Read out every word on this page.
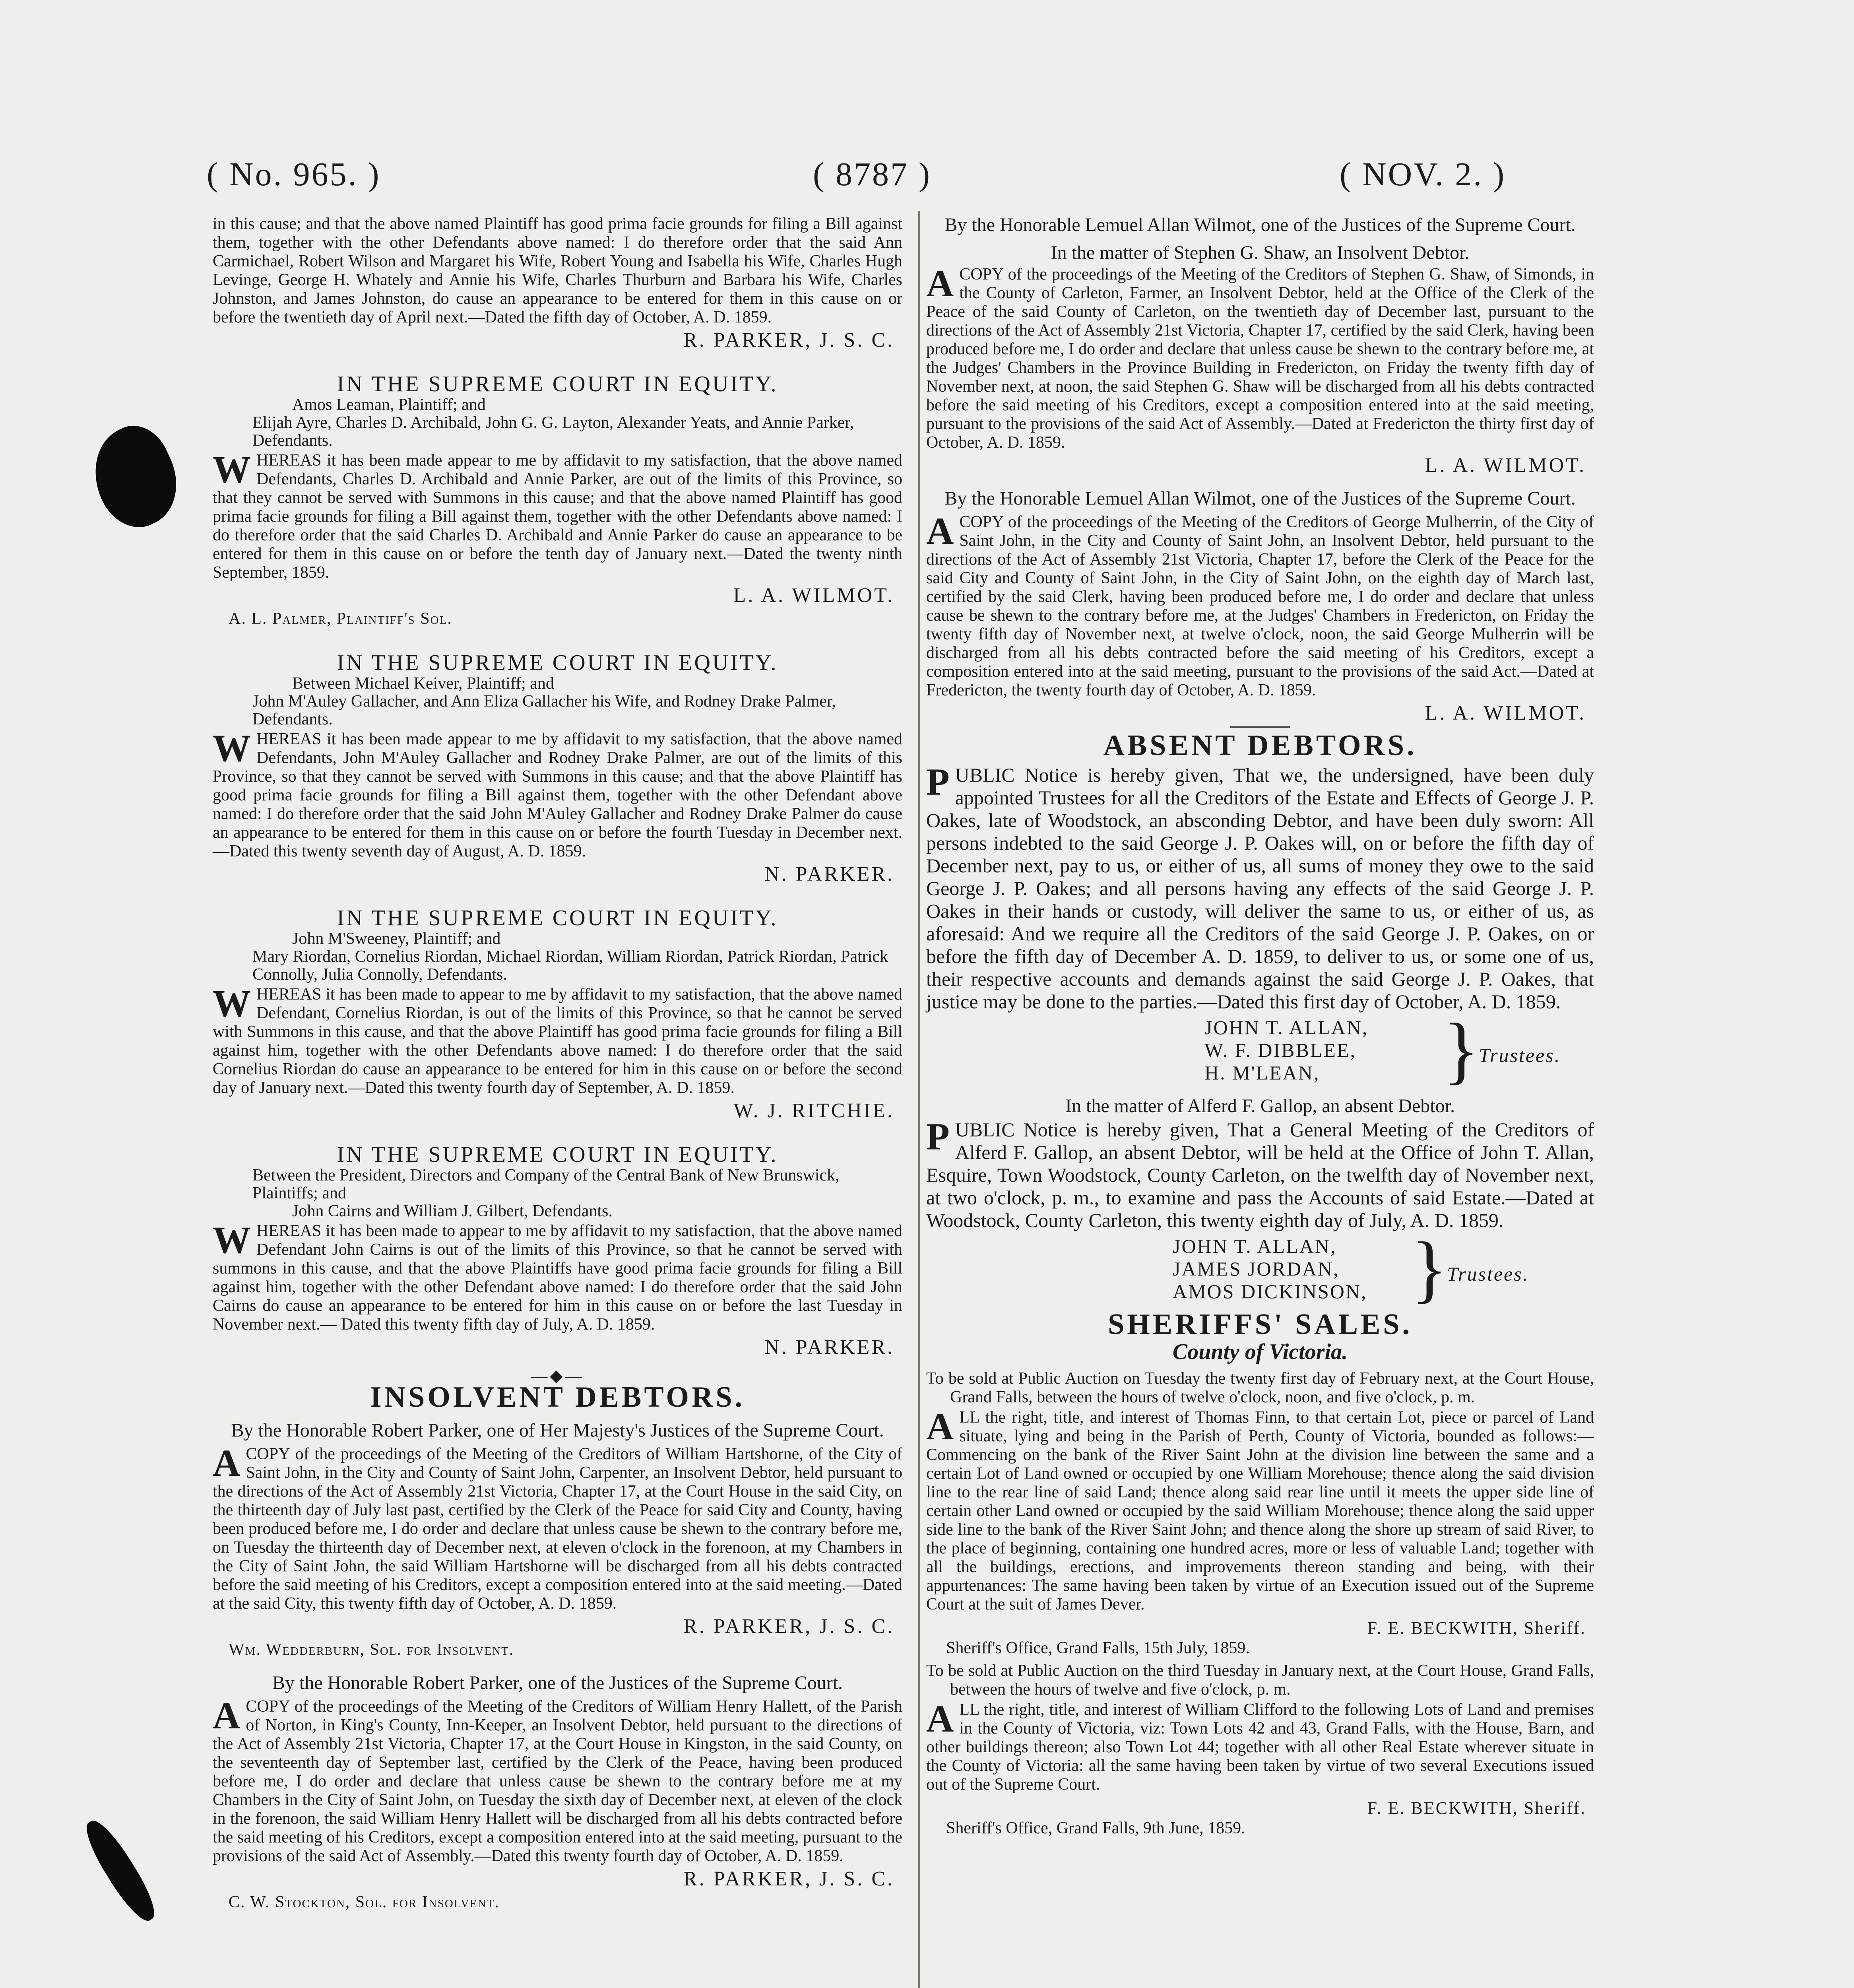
( No. 965. )	( 8787 )	( NOV. 2. )

in this cause; and that the above named Plaintiff has good prima facie grounds for filing a Bill against them, together with the other Defendants above named: I do therefore order that the said Ann Carmichael, Robert Wilson and Margaret his Wife, Robert Young and Isabella his Wife, Charles Hugh Levinge, George H. Whately and Annie his Wife, Charles Thurburn and Barbara his Wife, Charles Johnston, and James Johnston, do cause an appearance to be entered for them in this cause on or before the twentieth day of April next.—Dated the fifth day of October, A. D. 1859.

R. PARKER, J. S. C.

IN THE SUPREME COURT IN EQUITY.

Amos Leaman, Plaintiff; and

Elijah Ayre, Charles D. Archibald, John G. G. Layton, Alexander Yeats, and Annie Parker, Defendants.

WHEREAS it has been made appear to me by affidavit to my satisfaction, that the above named Defendants, Charles D. Archibald and Annie Parker, are out of the limits of this Province, so that they cannot be served with Summons in this cause; and that the above named Plaintiff has good prima facie grounds for filing a Bill against them, together with the other Defendants above named: I do therefore order that the said Charles D. Archibald and Annie Parker do cause an appearance to be entered for them in this cause on or before the tenth day of January next.—Dated the twenty ninth September, 1859.

L. A. WILMOT.

A. L. Palmer, Plaintiff's Sol.

IN THE SUPREME COURT IN EQUITY.

Between Michael Keiver, Plaintiff; and

John M'Auley Gallacher, and Ann Eliza Gallacher his Wife, and Rodney Drake Palmer, Defendants.

WHEREAS it has been made appear to me by affidavit to my satisfaction, that the above named Defendants, John M'Auley Gallacher and Rodney Drake Palmer, are out of the limits of this Province, so that they cannot be served with Summons in this cause; and that the above Plaintiff has good prima facie grounds for filing a Bill against them, together with the other Defendant above named: I do therefore order that the said John M'Auley Gallacher and Rodney Drake Palmer do cause an appearance to be entered for them in this cause on or before the fourth Tuesday in December next.—Dated this twenty seventh day of August, A. D. 1859.

N. PARKER.

IN THE SUPREME COURT IN EQUITY.

John M'Sweeney, Plaintiff; and

Mary Riordan, Cornelius Riordan, Michael Riordan, William Riordan, Patrick Riordan, Patrick Connolly, Julia Connolly, Defendants.

WHEREAS it has been made to appear to me by affidavit to my satisfaction, that the above named Defendant, Cornelius Riordan, is out of the limits of this Province, so that he cannot be served with Summons in this cause, and that the above Plaintiff has good prima facie grounds for filing a Bill against him, together with the other Defendants above named: I do therefore order that the said Cornelius Riordan do cause an appearance to be entered for him in this cause on or before the second day of January next.—Dated this twenty fourth day of September, A. D. 1859.

W. J. RITCHIE.

IN THE SUPREME COURT IN EQUITY.

Between the President, Directors and Company of the Central Bank of New Brunswick, Plaintiffs; and

John Cairns and William J. Gilbert, Defendants.

WHEREAS it has been made to appear to me by affidavit to my satisfaction, that the above named Defendant John Cairns is out of the limits of this Province, so that he cannot be served with summons in this cause, and that the above Plaintiffs have good prima facie grounds for filing a Bill against him, together with the other Defendant above named: I do therefore order that the said John Cairns do cause an appearance to be entered for him in this cause on or before the last Tuesday in November next.— Dated this twenty fifth day of July, A. D. 1859.

N. PARKER.

—◆—

INSOLVENT DEBTORS.

By the Honorable Robert Parker, one of Her Majesty's Justices of the Supreme Court.

ACOPY of the proceedings of the Meeting of the Creditors of William Hartshorne, of the City of Saint John, in the City and County of Saint John, Carpenter, an Insolvent Debtor, held pursuant to the directions of the Act of Assembly 21st Victoria, Chapter 17, at the Court House in the said City, on the thirteenth day of July last past, certified by the Clerk of the Peace for said City and County, having been produced before me, I do order and declare that unless cause be shewn to the contrary before me, on Tuesday the thirteenth day of December next, at eleven o'clock in the forenoon, at my Chambers in the City of Saint John, the said William Hartshorne will be discharged from all his debts contracted before the said meeting of his Creditors, except a composition entered into at the said meeting.—Dated at the said City, this twenty fifth day of October, A. D. 1859.

R. PARKER, J. S. C.

Wm. Wedderburn, Sol. for Insolvent.

By the Honorable Robert Parker, one of the Justices of the Supreme Court.

ACOPY of the proceedings of the Meeting of the Creditors of William Henry Hallett, of the Parish of Norton, in King's County, Inn-Keeper, an Insolvent Debtor, held pursuant to the directions of the Act of Assembly 21st Victoria, Chapter 17, at the Court House in Kingston, in the said County, on the seventeenth day of September last, certified by the Clerk of the Peace, having been produced before me, I do order and declare that unless cause be shewn to the contrary before me at my Chambers in the City of Saint John, on Tuesday the sixth day of December next, at eleven of the clock in the forenoon, the said William Henry Hallett will be discharged from all his debts contracted before the said meeting of his Creditors, except a composition entered into at the said meeting, pursuant to the provisions of the said Act of Assembly.—Dated this twenty fourth day of October, A. D. 1859.

R. PARKER, J. S. C.

C. W. Stockton, Sol. for Insolvent.

By the Honorable Lemuel Allan Wilmot, one of the Justices of the Supreme Court.

In the matter of Stephen G. Shaw, an Insolvent Debtor.

ACOPY of the proceedings of the Meeting of the Creditors of Stephen G. Shaw, of Simonds, in the County of Carleton, Farmer, an Insolvent Debtor, held at the Office of the Clerk of the Peace of the said County of Carleton, on the twentieth day of December last, pursuant to the directions of the Act of Assembly 21st Victoria, Chapter 17, certified by the said Clerk, having been produced before me, I do order and declare that unless cause be shewn to the contrary before me, at the Judges' Chambers in the Province Building in Fredericton, on Friday the twenty fifth day of November next, at noon, the said Stephen G. Shaw will be discharged from all his debts contracted before the said meeting of his Creditors, except a composition entered into at the said meeting, pursuant to the provisions of the said Act of Assembly.—Dated at Fredericton the thirty first day of October, A. D. 1859.

L. A. WILMOT.

By the Honorable Lemuel Allan Wilmot, one of the Justices of the Supreme Court.

ACOPY of the proceedings of the Meeting of the Creditors of George Mulherrin, of the City of Saint John, in the City and County of Saint John, an Insolvent Debtor, held pursuant to the directions of the Act of Assembly 21st Victoria, Chapter 17, before the Clerk of the Peace for the said City and County of Saint John, in the City of Saint John, on the eighth day of March last, certified by the said Clerk, having been produced before me, I do order and declare that unless cause be shewn to the contrary before me, at the Judges' Chambers in Fredericton, on Friday the twenty fifth day of November next, at twelve o'clock, noon, the said George Mulherrin will be discharged from all his debts contracted before the said meeting of his Creditors, except a composition entered into at the said meeting, pursuant to the provisions of the said Act.—Dated at Fredericton, the twenty fourth day of October, A. D. 1859.

L. A. WILMOT.

ABSENT DEBTORS.

PUBLIC Notice is hereby given, That we, the undersigned, have been duly appointed Trustees for all the Creditors of the Estate and Effects of George J. P. Oakes, late of Woodstock, an absconding Debtor, and have been duly sworn: All persons indebted to the said George J. P. Oakes will, on or before the fifth day of December next, pay to us, or either of us, all sums of money they owe to the said George J. P. Oakes; and all persons having any effects of the said George J. P. Oakes in their hands or custody, will deliver the same to us, or either of us, as aforesaid: And we require all the Creditors of the said George J. P. Oakes, on or before the fifth day of December A. D. 1859, to deliver to us, or some one of us, their respective accounts and demands against the said George J. P. Oakes, that justice may be done to the parties.—Dated this first day of October, A. D. 1859.

JOHN T. ALLAN,
W. F. DIBBLEE,
H. M'LEAN,	}
Trustees.

In the matter of Alferd F. Gallop, an absent Debtor.

PUBLIC Notice is hereby given, That a General Meeting of the Creditors of Alferd F. Gallop, an absent Debtor, will be held at the Office of John T. Allan, Esquire, Town Woodstock, County Carleton, on the twelfth day of November next, at two o'clock, p. m., to examine and pass the Accounts of said Estate.—Dated at Woodstock, County Carleton, this twenty eighth day of July, A. D. 1859.

JOHN T. ALLAN,
JAMES JORDAN,
AMOS DICKINSON, }
Trustees.

SHERIFFS' SALES.

County of Victoria.

To be sold at Public Auction on Tuesday the twenty first day of February next, at the Court House, Grand Falls, between the hours of twelve o'clock, noon, and five o'clock, p. m.

ALL the right, title, and interest of Thomas Finn, to that certain Lot, piece or parcel of Land situate, lying and being in the Parish of Perth, County of Victoria, bounded as follows:—Commencing on the bank of the River Saint John at the division line between the same and a certain Lot of Land owned or occupied by one William Morehouse; thence along the said division line to the rear line of said Land; thence along said rear line until it meets the upper side line of certain other Land owned or occupied by the said William Morehouse; thence along the said upper side line to the bank of the River Saint John; and thence along the shore up stream of said River, to the place of beginning, containing one hundred acres, more or less of valuable Land; together with all the buildings, erections, and improvements thereon standing and being, with their appurtenances: The same having been taken by virtue of an Execution issued out of the Supreme Court at the suit of James Dever.

F. E. BECKWITH, Sheriff.

Sheriff's Office, Grand Falls, 15th July, 1859.

To be sold at Public Auction on the third Tuesday in January next, at the Court House, Grand Falls, between the hours of twelve and five o'clock, p. m.

ALL the right, title, and interest of William Clifford to the following Lots of Land and premises in the County of Victoria, viz: Town Lots 42 and 43, Grand Falls, with the House, Barn, and other buildings thereon; also Town Lot 44; together with all other Real Estate wherever situate in the County of Victoria: all the same having been taken by virtue of two several Executions issued out of the Supreme Court.

F. E. BECKWITH, Sheriff.

Sheriff's Office, Grand Falls, 9th June, 1859.
